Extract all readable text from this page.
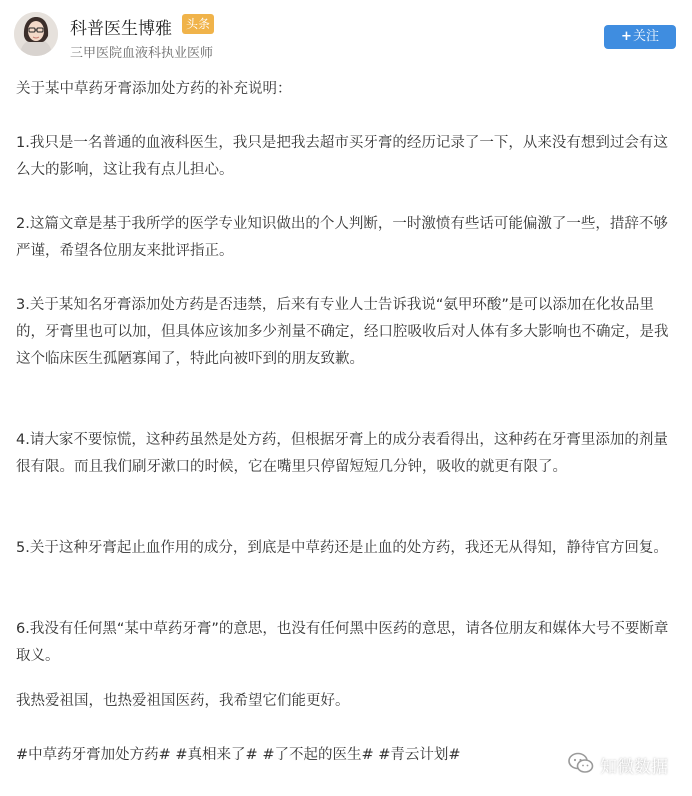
科普医生博雅	头条
三甲医院血液科执业医师
+关注

关于某中草药牙膏添加处方药的补充说明：

1.我只是一名普通的血液科医生，我只是把我去超市买牙膏的经历记录了一下，从来没有想到过会有这么大的影响，这让我有点儿担心。

2.这篇文章是基于我所学的医学专业知识做出的个人判断，一时激愤有些话可能偏激了一些，措辞不够严谨，希望各位朋友来批评指正。

3.关于某知名牙膏添加处方药是否违禁，后来有专业人士告诉我说“氨甲环酸”是可以添加在化妆品里的，牙膏里也可以加，但具体应该加多少剂量不确定，经口腔吸收后对人体有多大影响也不确定，是我这个临床医生孤陋寡闻了，特此向被吓到的朋友致歉。

4.请大家不要惊慌，这种药虽然是处方药，但根据牙膏上的成分表看得出，这种药在牙膏里添加的剂量很有限。而且我们刷牙漱口的时候，它在嘴里只停留短短几分钟，吸收的就更有限了。

5.关于这种牙膏起止血作用的成分，到底是中草药还是止血的处方药，我还无从得知，静待官方回复。

6.我没有任何黑“某中草药牙膏”的意思，也没有任何黑中医药的意思，请各位朋友和媒体大号不要断章取义。

我热爱祖国，也热爱祖国医药，我希望它们能更好。

#中草药牙膏加处方药# #真相来了# #了不起的医生# #青云计划#

知微数据
